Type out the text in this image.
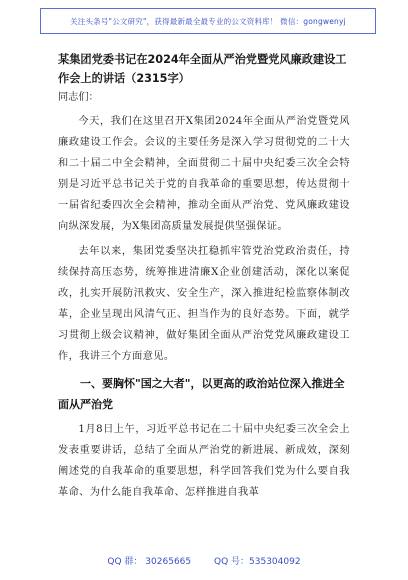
关注头条号"公文研究"，获得最新最全最专业的公文资料库！ 微信：gongwenyj

某集团党委书记在2024年全面从严治党暨党风廉政建设工作会上的讲话（2315字）

同志们：

今天，我们在这里召开X集团2024年全面从严治党暨党风廉政建设工作会。会议的主要任务是深入学习贯彻党的二十大和二十届二中全会精神，全面贯彻二十届中央纪委三次全会特别是习近平总书记关于党的自我革命的重要思想，传达贯彻十一届省纪委四次全会精神，推动全面从严治党、党风廉政建设向纵深发展，为X集团高质量发展提供坚强保证。

去年以来，集团党委坚决扛稳抓牢管党治党政治责任，持续保持高压态势，统筹推进清廉X企业创建活动，深化以案促改，扎实开展防汛救灾、安全生产，深入推进纪检监察体制改革，企业呈现出风清气正、担当作为的良好态势。下面，就学习贯彻上级会议精神，做好集团全面从严治党党风廉政建设工作，我讲三个方面意见。

一、要胸怀"国之大者"，以更高的政治站位深入推进全面从严治党

1月8日上午，习近平总书记在二十届中央纪委三次全会上发表重要讲话，总结了全面从严治党的新进展、新成效，深刻阐述党的自我革命的重要思想，科学回答我们党为什么要自我革命、为什么能自我革命、怎样推进自我革

QQ 群： 30265665	QQ 号：535304092
